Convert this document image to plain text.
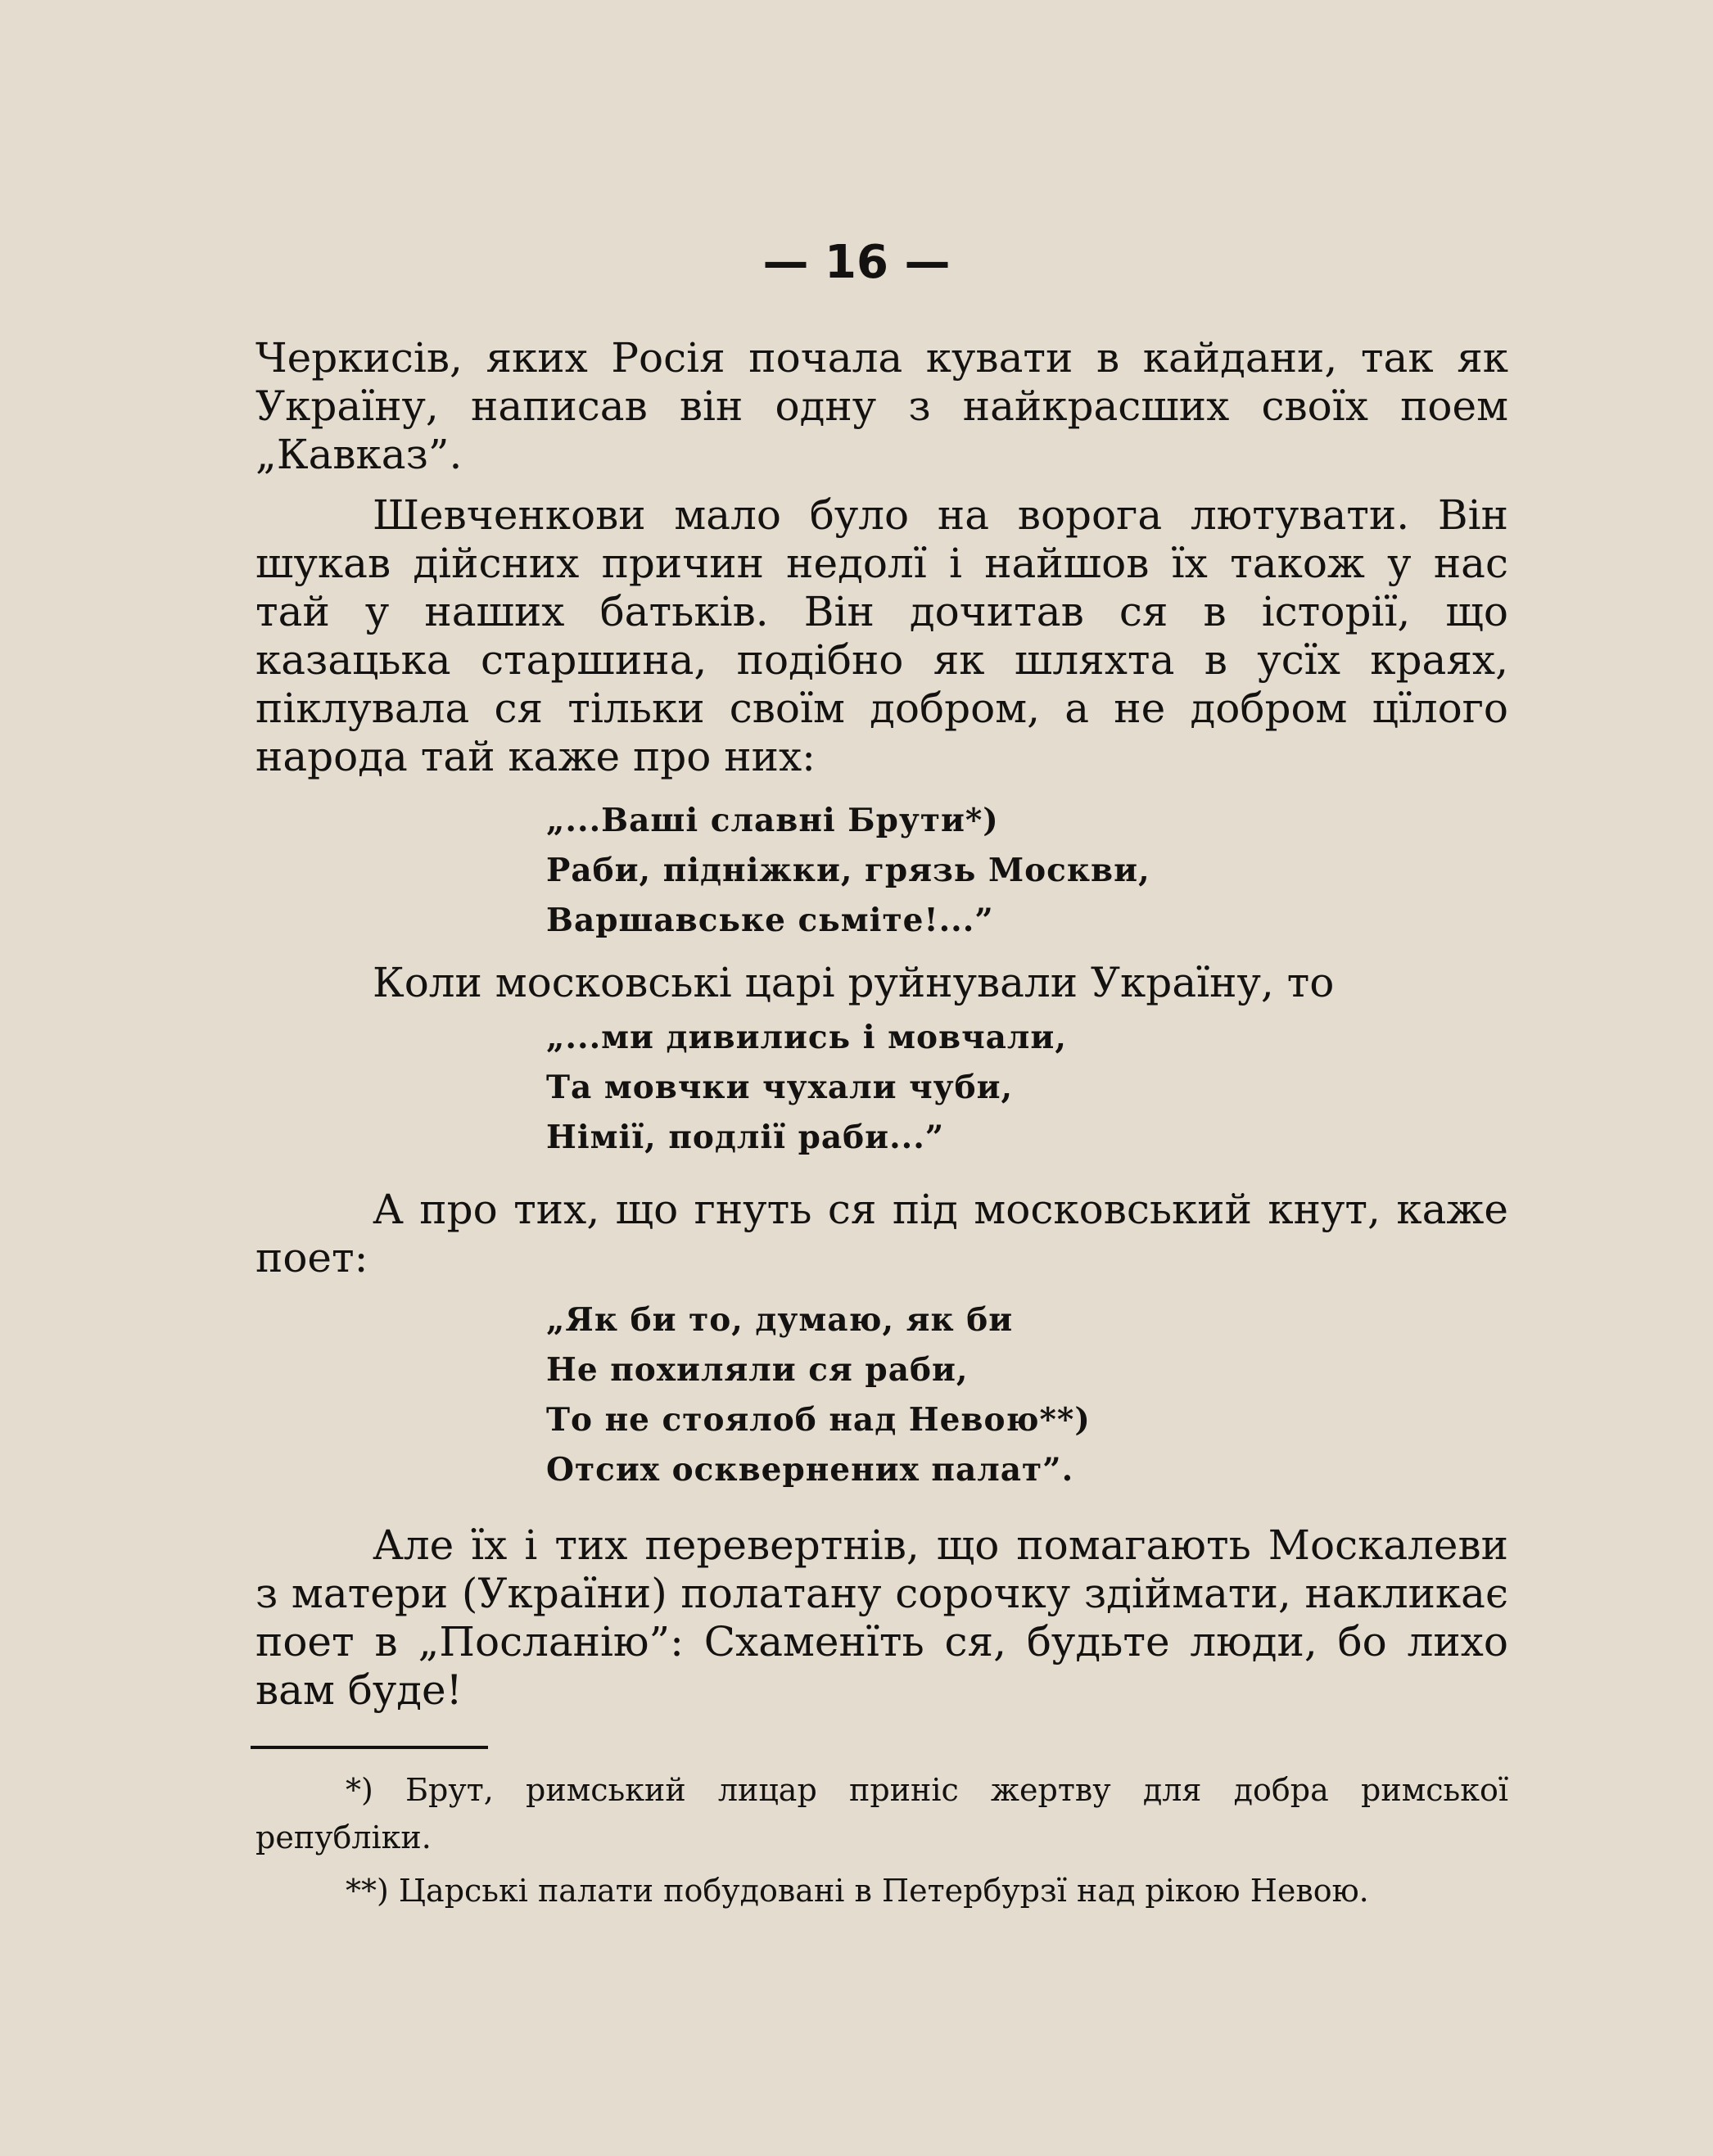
— 16 —

Черкисів, яких Росія почала кувати в кайдани, так як Україну, написав він одну з найкрасших своїх поем „Кавказ”.

Шевченкови мало було на ворога лютувати. Він шукав дійсних причин недолї і найшов їх також у нас тай у наших батьків. Він дочитав ся в історії, що казацька старшина, подібно як шляхта в усїх краях, піклувала ся тільки своїм добром, а не добром цїлого народа тай каже про них:

„...Ваші славні Брути*)
Раби, підніжки, грязь Москви,
Варшавське сьміте!...”

Коли московські царі руйнували Україну, то

„...ми дивились і мовчали,
Та мовчки чухали чуби,
Німії, подлії раби...”

А про тих, що гнуть ся під московський кнут, каже поет:

„Як би то, думаю, як би
Не похиляли ся раби,
То не стоялоб над Невою**)
Отсих осквернених палат”.

Але їх і тих перевертнів, що помагають Москалеви з матери (України) полатану сорочку здіймати, накликає поет в „Посланію”: Схаменїть ся, будьте люди, бо лихо вам буде!

*) Брут, римський лицар приніс жертву для добра римської републіки.

**) Царські палати побудовані в Петербурзї над рікою Невою.
